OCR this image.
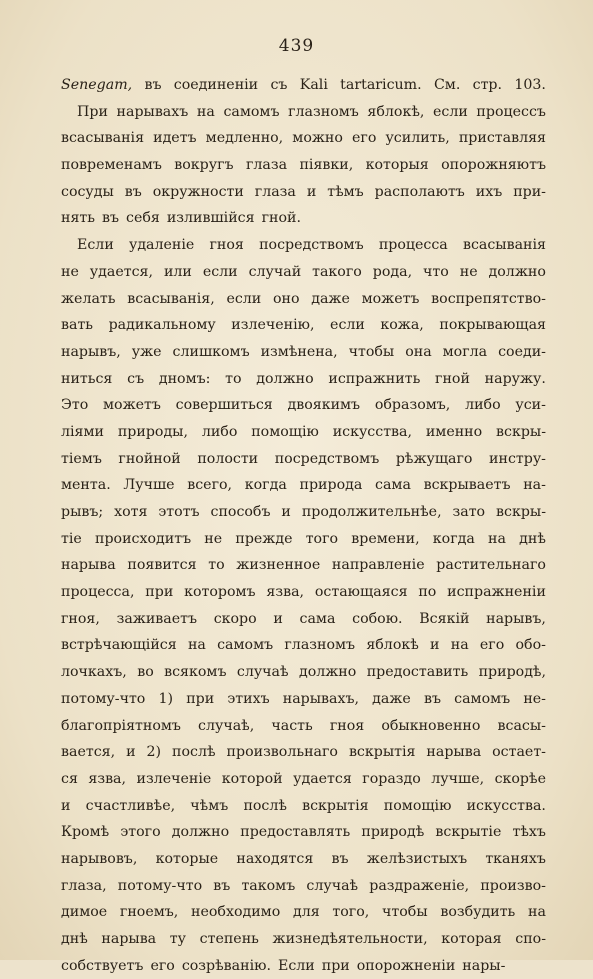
439
Senegam, въ соединеніи съ Kali tartaricum. См. стр. 103.
При нарывахъ на самомъ глазномъ яблокѣ, если процессъ
всасыванія идетъ медленно, можно его усилить, приставляя
повременамъ вокругъ глаза піявки, которыя опорожняютъ
сосуды въ окружности глаза и тѣмъ располаютъ ихъ при-
нять въ себя излившійся гной.
Если удаленіе гноя посредствомъ процесса всасыванія
не удается, или если случай такого рода, что не должно
желать всасыванія, если оно даже можетъ воспрепятство-
вать радикальному излеченію, если кожа, покрывающая
нарывъ, уже слишкомъ измѣнена, чтобы она могла соеди-
ниться съ дномъ: то должно испражнить гной наружу.
Это можетъ совершиться двоякимъ образомъ, либо уси-
ліями природы, либо помощію искусства, именно вскры-
тіемъ гнойной полости посредствомъ рѣжущаго инстру-
мента. Лучше всего, когда природа сама вскрываетъ на-
рывъ; хотя этотъ способъ и продолжительнѣе, зато вскры-
тіе происходитъ не прежде того времени, когда на днѣ
нарыва появится то жизненное направленіе растительнаго
процесса, при которомъ язва, остающаяся по испражненіи
гноя, заживаетъ скоро и сама собою. Всякій нарывъ,
встрѣчающійся на самомъ глазномъ яблокѣ и на его обо-
лочкахъ, во всякомъ случаѣ должно предоставить природѣ,
потому-что 1) при этихъ нарывахъ, даже въ самомъ не-
благопріятномъ случаѣ, часть гноя обыкновенно всасы-
вается, и 2) послѣ произвольнаго вскрытія нарыва остает-
ся язва, излеченіе которой удается гораздо лучше, скорѣе
и счастливѣе, чѣмъ послѣ вскрытія помощію искусства.
Кромѣ этого должно предоставлять природѣ вскрытіе тѣхъ
нарывовъ, которые находятся въ желѣзистыхъ тканяхъ
глаза, потому-что въ такомъ случаѣ раздраженіе, произво-
димое гноемъ, необходимо для того, чтобы возбудить на
днѣ нарыва ту степень жизнедѣятельности, которая спо-
собствуетъ его созрѣванію. Если при опорожненіи нары-
